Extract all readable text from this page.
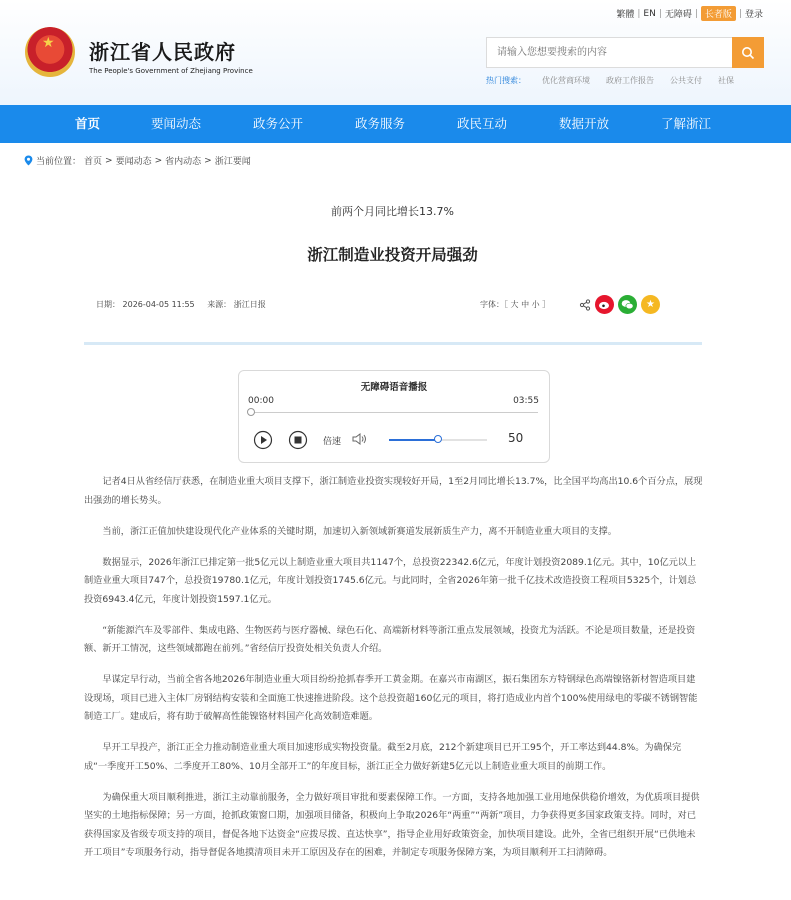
★ 浙江省人民政府
The People's Government of Zhejiang Province
请输入您想要搜索的内容
热门搜索： 优化营商环境 政府工作报告 公共支付 社保
繁體 | EN | 无障碍 | 长者版 | 登录
首页	要闻动态	政务公开	政务服务	政民互动	数据开放	了解浙江
当前位置： 首页 > 要闻动态 > 省内动态 > 浙江要闻
前两个月同比增长13.7%
浙江制造业投资开局强劲
日期： 2026-04-05 11:55 来源： 浙江日报	字体：［ 大 中 小 ］	★
无障碍语音播报
00:00	03:55
倍速	50

记者4日从省经信厅获悉，在制造业重大项目支撑下，浙江制造业投资实现较好开局，1至2月同比增长13.7%，比全国平均高出10.6个百分点，展现出强劲的增长势头。

当前，浙江正值加快建设现代化产业体系的关键时期，加速切入新领域新赛道发展新质生产力，离不开制造业重大项目的支撑。

数据显示，2026年浙江已排定第一批5亿元以上制造业重大项目共1147个，总投资22342.6亿元，年度计划投资2089.1亿元。其中，10亿元以上制造业重大项目747个，总投资19780.1亿元，年度计划投资1745.6亿元。与此同时，全省2026年第一批千亿技术改造投资工程项目5325个，计划总投资6943.4亿元，年度计划投资1597.1亿元。

“新能源汽车及零部件、集成电路、生物医药与医疗器械、绿色石化、高端新材料等浙江重点发展领域，投资尤为活跃。不论是项目数量，还是投资额、新开工情况，这些领域都跑在前列。”省经信厅投资处相关负责人介绍。

早谋定早行动，当前全省各地2026年制造业重大项目纷纷抢抓春季开工黄金期。在嘉兴市南湖区，振石集团东方特钢绿色高端镍铬新材智造项目建设现场，项目已进入主体厂房钢结构安装和全面施工快速推进阶段。这个总投资超160亿元的项目，将打造成业内首个100%使用绿电的零碳不锈钢智能制造工厂。建成后，将有助于破解高性能镍铬材料国产化高效制造难题。

早开工早投产，浙江正全力推动制造业重大项目加速形成实物投资量。截至2月底，212个新建项目已开工95个，开工率达到44.8%。为确保完成“一季度开工50%、二季度开工80%、10月全部开工”的年度目标，浙江正全力做好新建5亿元以上制造业重大项目的前期工作。

为确保重大项目顺利推进，浙江主动靠前服务，全力做好项目审批和要素保障工作。一方面，支持各地加强工业用地保供稳价增效，为优质项目提供坚实的土地指标保障；另一方面，抢抓政策窗口期，加强项目储备，积极向上争取2026年“两重”“两新”项目，力争获得更多国家政策支持。同时，对已获得国家及省级专项支持的项目，督促各地下达资金“应拨尽拨、直达快享”，指导企业用好政策资金，加快项目建设。此外，全省已组织开展“已供地未开工项目”专项服务行动，指导督促各地摸清项目未开工原因及存在的困难，并制定专项服务保障方案，为项目顺利开工扫清障碍。
